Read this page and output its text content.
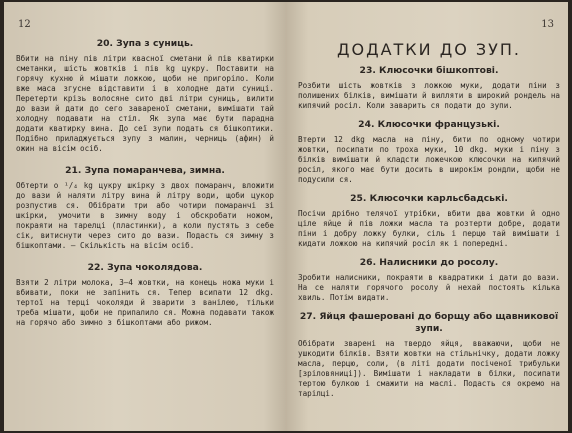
12
20. Зупа з суниць.

Вбити на піну пів літри квасної сметани й пів кватирки сметанки, шість жовтків і пів kg цукру. Поставити на горячу кухню й мішати ложкою, щоби не пригоріло. Коли вже маса згусне відставити і в холодне дати суниці. Перетерти крізь волосяне сито дві літри суниць, вилити до вази й дати до сего завареної сметани, вимішати тай холодну подавати на стіл. Як зупа має бути парадна додати кватирку вина. До сеї зупи подать ся бішкоптики. Подібно приладжується зупу з малин, черниць (афин) й ожин на вісім осіб.

21. Зупа помаранчева, зимна.

Обтерти о ¹/₄ kg цукру шкірку з двох помаранч, вложити до вази й наляти літру вина й літру води, щоби цукор розпустив ся. Обібрати три або чотири помаранчі зі шкірки, умочити в зимну воду і обскробати ножом, покраяти на тарелці (пластинки), а коли пустять з себе сік, витиснути через сито до вази. Подасть ся зимну з бішкоптами. — Скількість на вісім осіб.

22. Зупа чоколядова.

Взяти 2 літри молока, 3—4 жовтки, на конець ножа муки і вбивати, поки не запінить ся. Тепер всипати 12 dkg. тертої на терці чоколяди й зварити з ванілею, тільки треба мішати, щоби не припалило ся. Можна подавати також на горячо або зимно з бішкоптами або рижом.

13
ДОДАТКИ ДО ЗУП.
23. Клюсочки бішкоптові.

Розбити шість жовтків з ложкою муки, додати піни з полишених білків, вимішати й вилляти в широкий рондель на кипячий росіл. Коли заварить ся подати до зупи.

24. Клюсочки французькі.

Втерти 12 dkg масла на піну, бити по одному чотири жовтки, посипати по троха муки, 10 dkg. муки і піну з білків вимішати й кладсти ложечкою клюсочки на кипячий росіл, якого має бути досить в широкім рондли, щоби не подусили ся.

25. Клюсочки карльсбадські.

Посічи дрібно телячої утрібки, вбити два жовтки й одно ціле яйце й пів ложки масла та розтерти добре, додати піни і добру ложку булки, сіль і перцю тай вимішати і кидати ложкою на кипячий росіл як і попередні.

26. Налисники до росолу.

Зробити налисники, покраяти в квадратики і дати до вази. На се наляти горячого росолу й нехай постоять кілька хвиль. Потім видати.

27. Яйця фашеровані до борщу або щавникової зупи.

Обібрати зварені на твердо яйця, вважаючи, щоби не ушкодити білків. Взяти жовтки на стільнічку, додати ложку масла, перцю, соли, (в літі додати посіченої трибульки [зріловяниці]). Вимішати і накладати в білки, посипати тертою булкою і смажити на маслі. Подасть ся окремо на тарілці.
